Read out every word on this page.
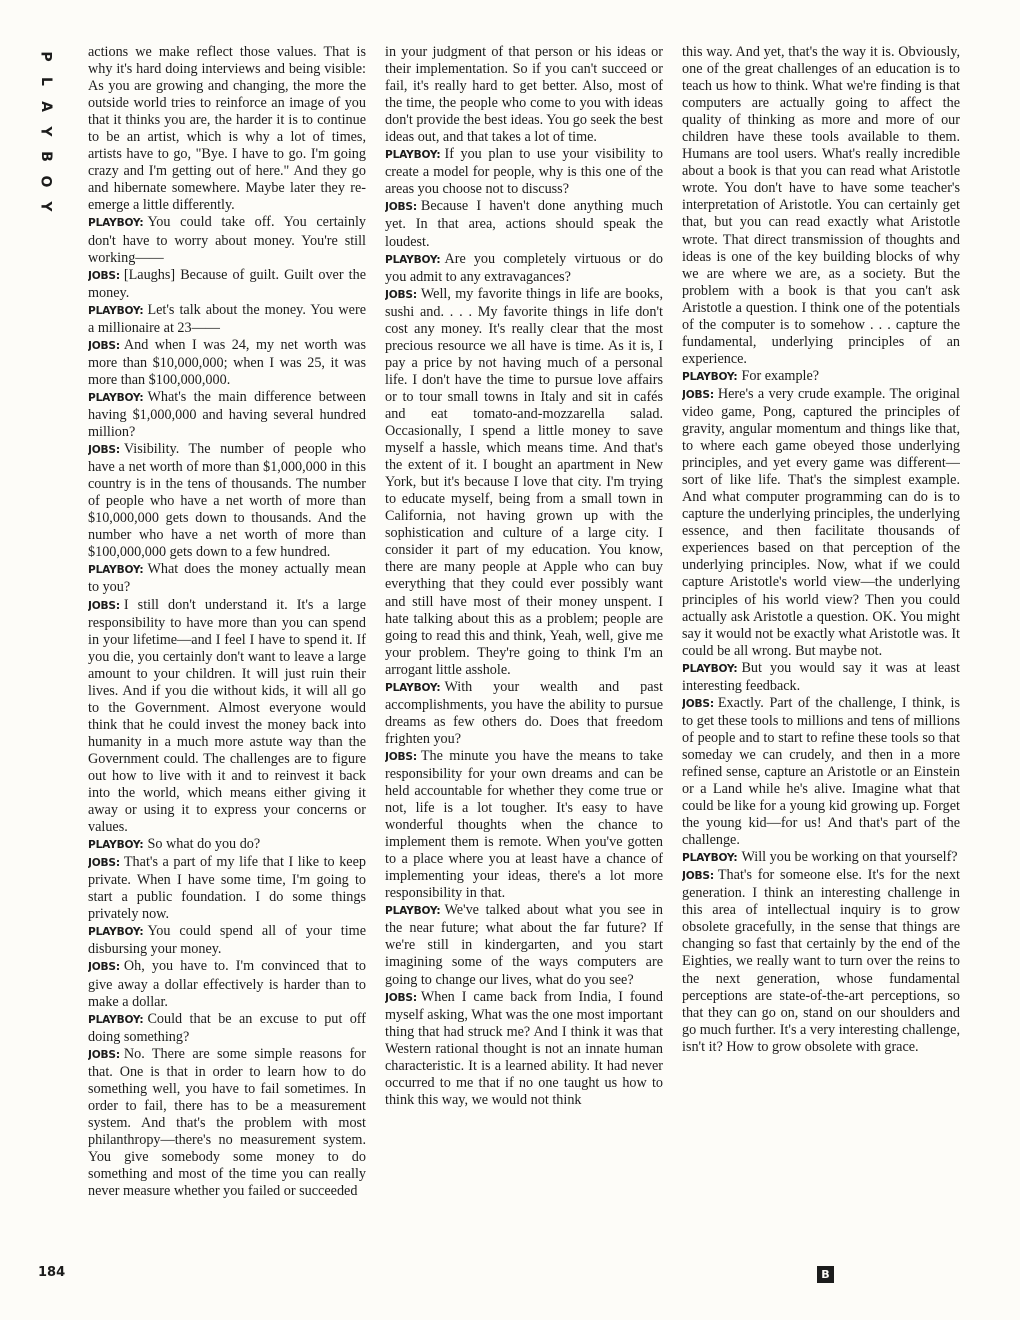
P
L
A
Y
B
O
Y

actions we make reflect those values. That is why it's hard doing interviews and being visible: As you are growing and changing, the more the outside world tries to reinforce an image of you that it thinks you are, the harder it is to continue to be an artist, which is why a lot of times, artists have to go, "Bye. I have to go. I'm going crazy and I'm getting out of here." And they go and hibernate somewhere. Maybe later they re-emerge a little differently.

PLAYBOY: You could take off. You certainly don't have to worry about money. You're still working——

JOBS: [Laughs] Because of guilt. Guilt over the money.

PLAYBOY: Let's talk about the money. You were a millionaire at 23——

JOBS: And when I was 24, my net worth was more than $10,000,000; when I was 25, it was more than $100,000,000.

PLAYBOY: What's the main difference between having $1,000,000 and having several hundred million?

JOBS: Visibility. The number of people who have a net worth of more than $1,000,000 in this country is in the tens of thousands. The number of people who have a net worth of more than $10,000,000 gets down to thousands. And the number who have a net worth of more than $100,000,000 gets down to a few hundred.

PLAYBOY: What does the money actually mean to you?

JOBS: I still don't understand it. It's a large responsibility to have more than you can spend in your lifetime—and I feel I have to spend it. If you die, you certainly don't want to leave a large amount to your children. It will just ruin their lives. And if you die without kids, it will all go to the Government. Almost everyone would think that he could invest the money back into humanity in a much more astute way than the Government could. The challenges are to figure out how to live with it and to reinvest it back into the world, which means either giving it away or using it to express your concerns or values.

PLAYBOY: So what do you do?

JOBS: That's a part of my life that I like to keep private. When I have some time, I'm going to start a public foundation. I do some things privately now.

PLAYBOY: You could spend all of your time disbursing your money.

JOBS: Oh, you have to. I'm convinced that to give away a dollar effectively is harder than to make a dollar.

PLAYBOY: Could that be an excuse to put off doing something?

JOBS: No. There are some simple reasons for that. One is that in order to learn how to do something well, you have to fail sometimes. In order to fail, there has to be a measurement system. And that's the problem with most philanthropy—there's no measurement system. You give somebody some money to do something and most of the time you can really never measure whether you failed or succeeded

in your judgment of that person or his ideas or their implementation. So if you can't succeed or fail, it's really hard to get better. Also, most of the time, the people who come to you with ideas don't provide the best ideas. You go seek the best ideas out, and that takes a lot of time.

PLAYBOY: If you plan to use your visibility to create a model for people, why is this one of the areas you choose not to discuss?

JOBS: Because I haven't done anything much yet. In that area, actions should speak the loudest.

PLAYBOY: Are you completely virtuous or do you admit to any extravagances?

JOBS: Well, my favorite things in life are books, sushi and. . . . My favorite things in life don't cost any money. It's really clear that the most precious resource we all have is time. As it is, I pay a price by not having much of a personal life. I don't have the time to pursue love affairs or to tour small towns in Italy and sit in cafés and eat tomato-and-mozzarella salad. Occasionally, I spend a little money to save myself a hassle, which means time. And that's the extent of it. I bought an apartment in New York, but it's because I love that city. I'm trying to educate myself, being from a small town in California, not having grown up with the sophistication and culture of a large city. I consider it part of my education. You know, there are many people at Apple who can buy everything that they could ever possibly want and still have most of their money unspent. I hate talking about this as a problem; people are going to read this and think, Yeah, well, give me your problem. They're going to think I'm an arrogant little asshole.

PLAYBOY: With your wealth and past accomplishments, you have the ability to pursue dreams as few others do. Does that freedom frighten you?

JOBS: The minute you have the means to take responsibility for your own dreams and can be held accountable for whether they come true or not, life is a lot tougher. It's easy to have wonderful thoughts when the chance to implement them is remote. When you've gotten to a place where you at least have a chance of implementing your ideas, there's a lot more responsibility in that.

PLAYBOY: We've talked about what you see in the near future; what about the far future? If we're still in kindergarten, and you start imagining some of the ways computers are going to change our lives, what do you see?

JOBS: When I came back from India, I found myself asking, What was the one most important thing that had struck me? And I think it was that Western rational thought is not an innate human characteristic. It is a learned ability. It had never occurred to me that if no one taught us how to think this way, we would not think

this way. And yet, that's the way it is. Obviously, one of the great challenges of an education is to teach us how to think. What we're finding is that computers are actually going to affect the quality of thinking as more and more of our children have these tools available to them. Humans are tool users. What's really incredible about a book is that you can read what Aristotle wrote. You don't have to have some teacher's interpretation of Aristotle. You can certainly get that, but you can read exactly what Aristotle wrote. That direct transmission of thoughts and ideas is one of the key building blocks of why we are where we are, as a society. But the problem with a book is that you can't ask Aristotle a question. I think one of the potentials of the computer is to somehow . . . capture the fundamental, underlying principles of an experience.

PLAYBOY: For example?

JOBS: Here's a very crude example. The original video game, Pong, captured the principles of gravity, angular momentum and things like that, to where each game obeyed those underlying principles, and yet every game was different—sort of like life. That's the simplest example. And what computer programming can do is to capture the underlying principles, the underlying essence, and then facilitate thousands of experiences based on that perception of the underlying principles. Now, what if we could capture Aristotle's world view—the underlying principles of his world view? Then you could actually ask Aristotle a question. OK. You might say it would not be exactly what Aristotle was. It could be all wrong. But maybe not.

PLAYBOY: But you would say it was at least interesting feedback.

JOBS: Exactly. Part of the challenge, I think, is to get these tools to millions and tens of millions of people and to start to refine these tools so that someday we can crudely, and then in a more refined sense, capture an Aristotle or an Einstein or a Land while he's alive. Imagine what that could be like for a young kid growing up. Forget the young kid—for us! And that's part of the challenge.

PLAYBOY: Will you be working on that yourself?

JOBS: That's for someone else. It's for the next generation. I think an interesting challenge in this area of intellectual inquiry is to grow obsolete gracefully, in the sense that things are changing so fast that certainly by the end of the Eighties, we really want to turn over the reins to the next generation, whose fundamental perceptions are state-of-the-art perceptions, so that they can go on, stand on our shoulders and go much further. It's a very interesting challenge, isn't it? How to grow obsolete with grace.

184	B
